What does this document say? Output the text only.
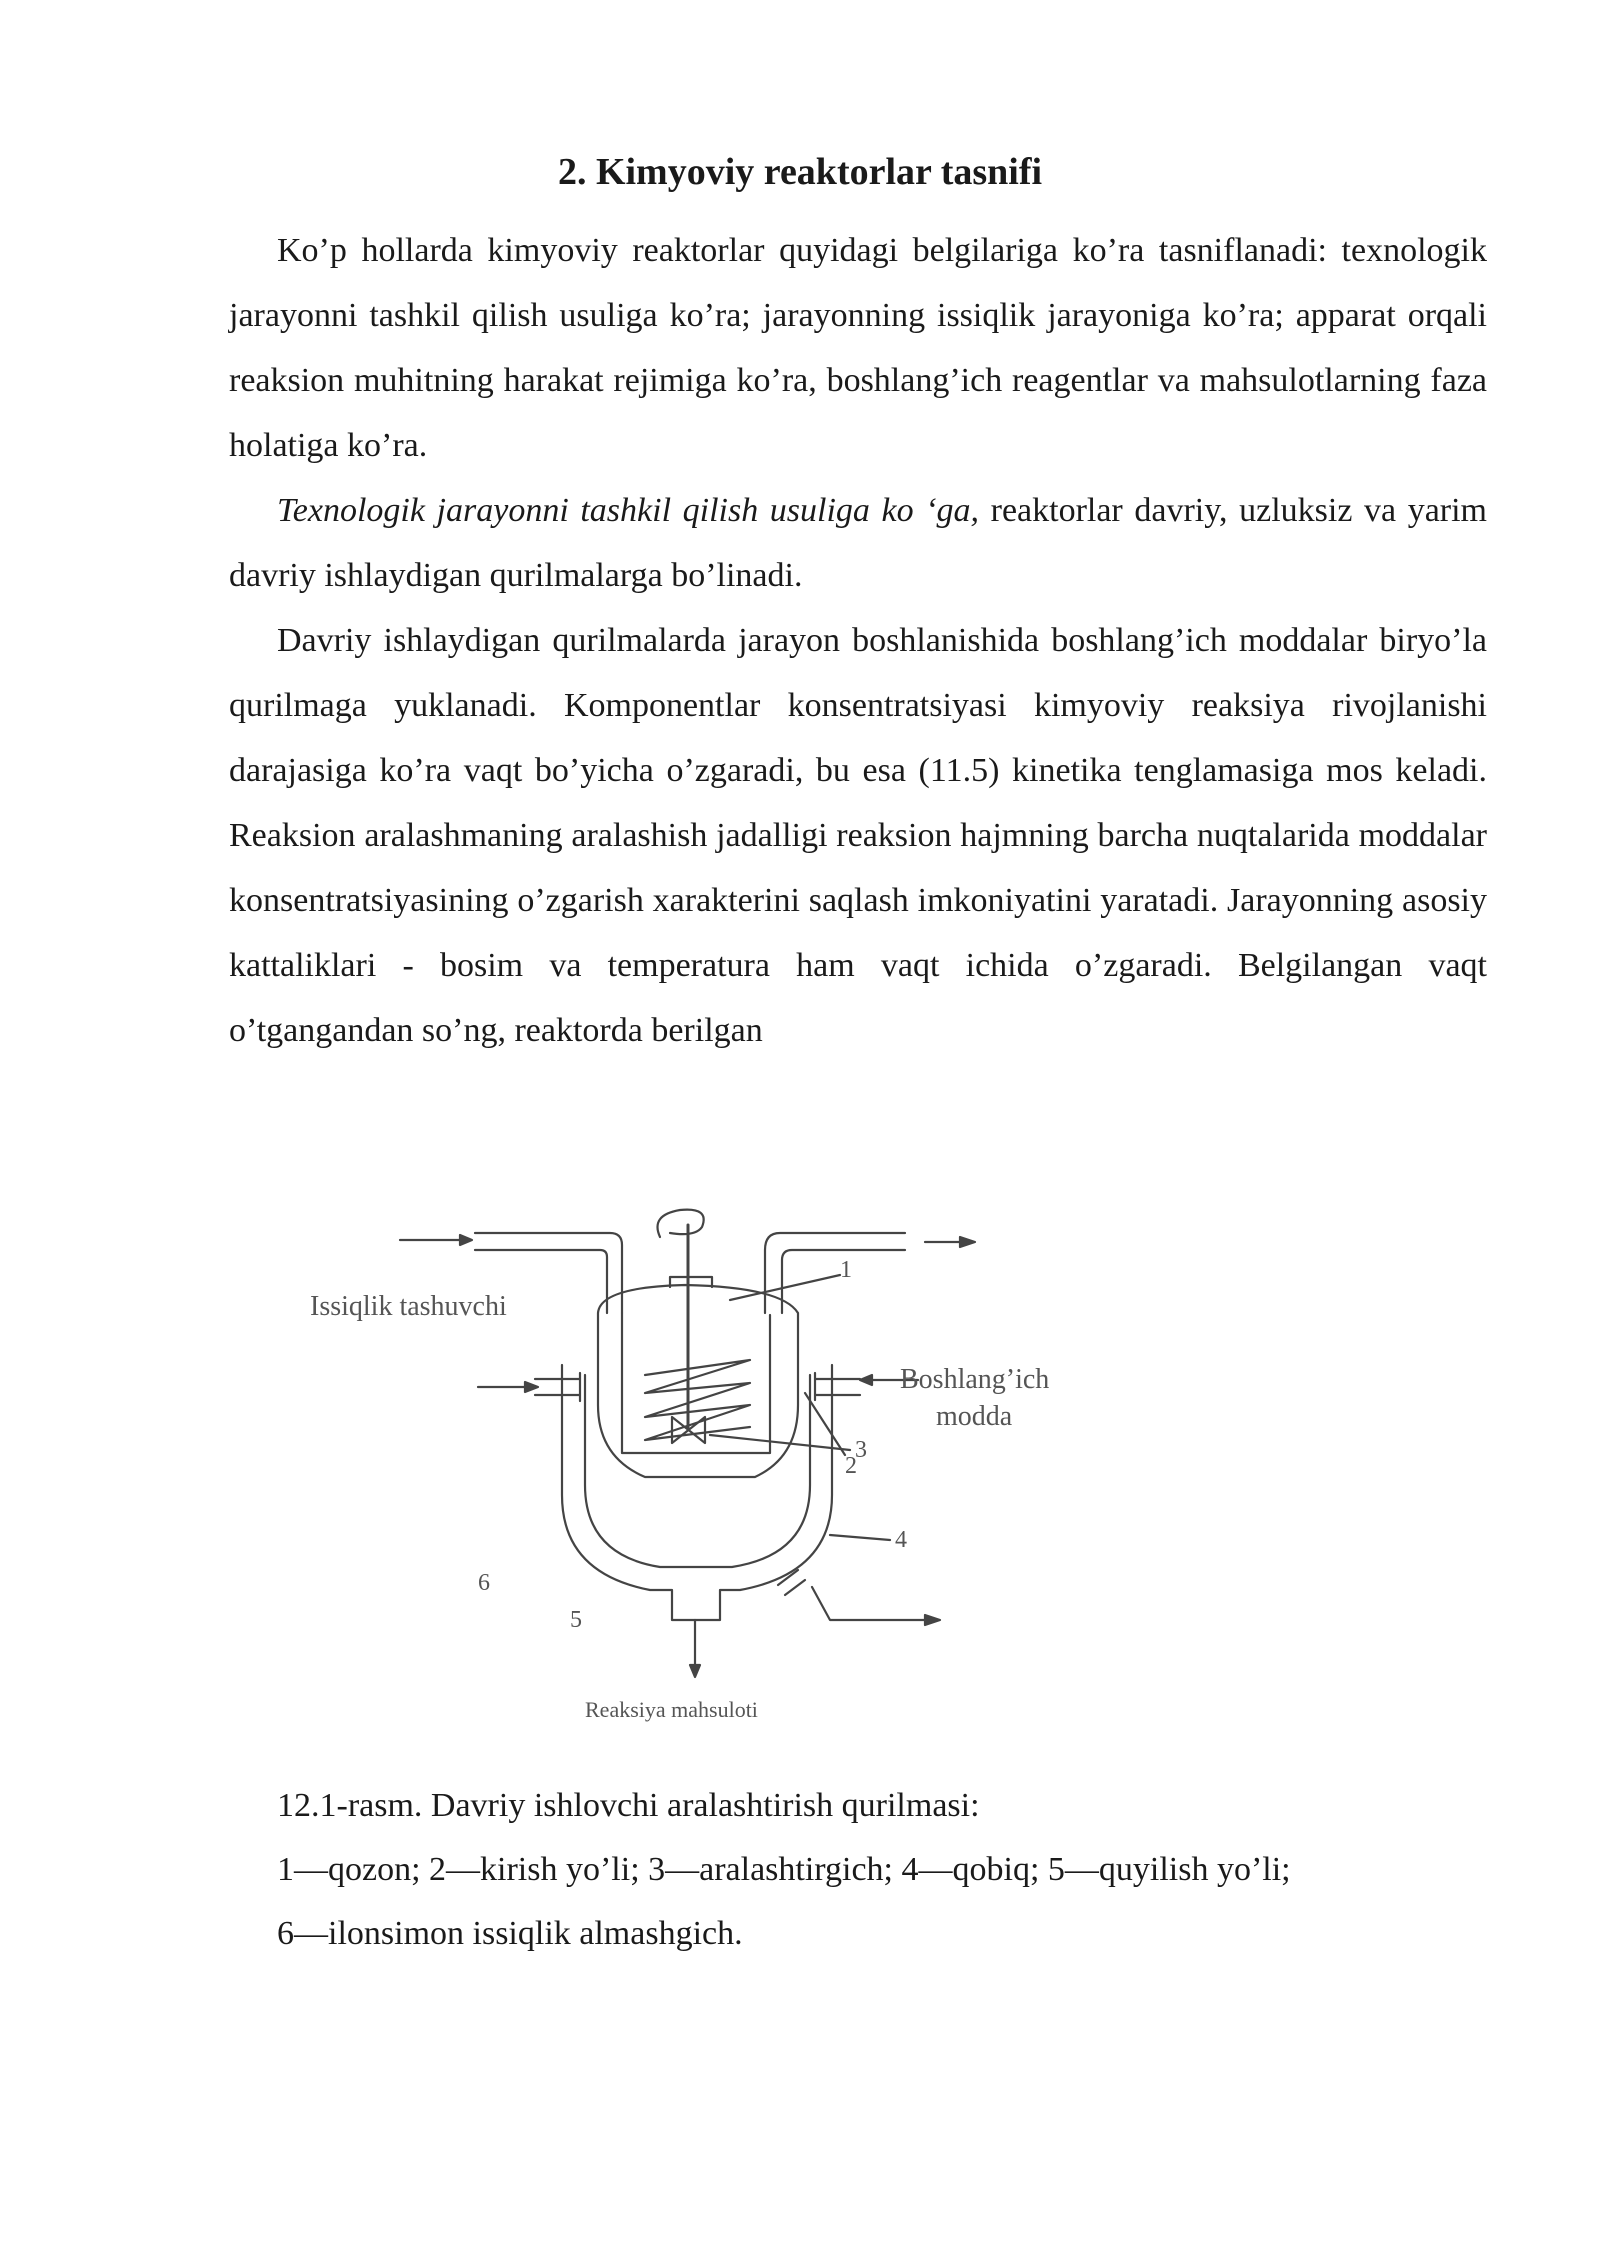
2. Kimyoviy reaktorlar tasnifi

Ko’p hollarda kimyoviy reaktorlar quyidagi belgilariga ko’ra tasniflanadi: texnologik jarayonni tashkil qilish usuliga ko’ra; jarayonning issiqlik jarayoniga ko’ra; apparat orqali reaksion muhitning harakat rejimiga ko’ra, boshlang’ich reagentlar va mahsulotlarning faza holatiga ko’ra.

Texnologik jarayonni tashkil qilish usuliga ko ‘ga, reaktorlar davriy, uzluksiz va yarim davriy ishlaydigan qurilmalarga bo’linadi.

Davriy ishlaydigan qurilmalarda jarayon boshlanishida boshlang’ich moddalar biryo’la qurilmaga yuklanadi. Komponentlar konsentratsiyasi kimyoviy reaksiya rivojlanishi darajasiga ko’ra vaqt bo’yicha o’zgaradi, bu esa (11.5) kinetika tenglamasiga mos keladi. Reaksion aralashmaning aralashish jadalligi reaksion hajmning barcha nuqtalarida moddalar konsentratsiyasining o’zgarish xarakterini saqlash imkoniyatini yaratadi. Jarayonning asosiy kattaliklari - bosim va temperatura ham vaqt ichida o’zgaradi. Belgilangan vaqt o’tgangandan so’ng, reaktorda berilgan

Issiqlik tashuvchi
Boshlang’ich
modda
Reaksiya mahsuloti
1
2
3
4
5
6

12.1-rasm. Davriy ishlovchi aralashtirish qurilmasi:

1—qozon; 2—kirish yo’li; 3—aralashtirgich; 4—qobiq; 5—quyilish yo’li;

6—ilonsimon issiqlik almashgich.
